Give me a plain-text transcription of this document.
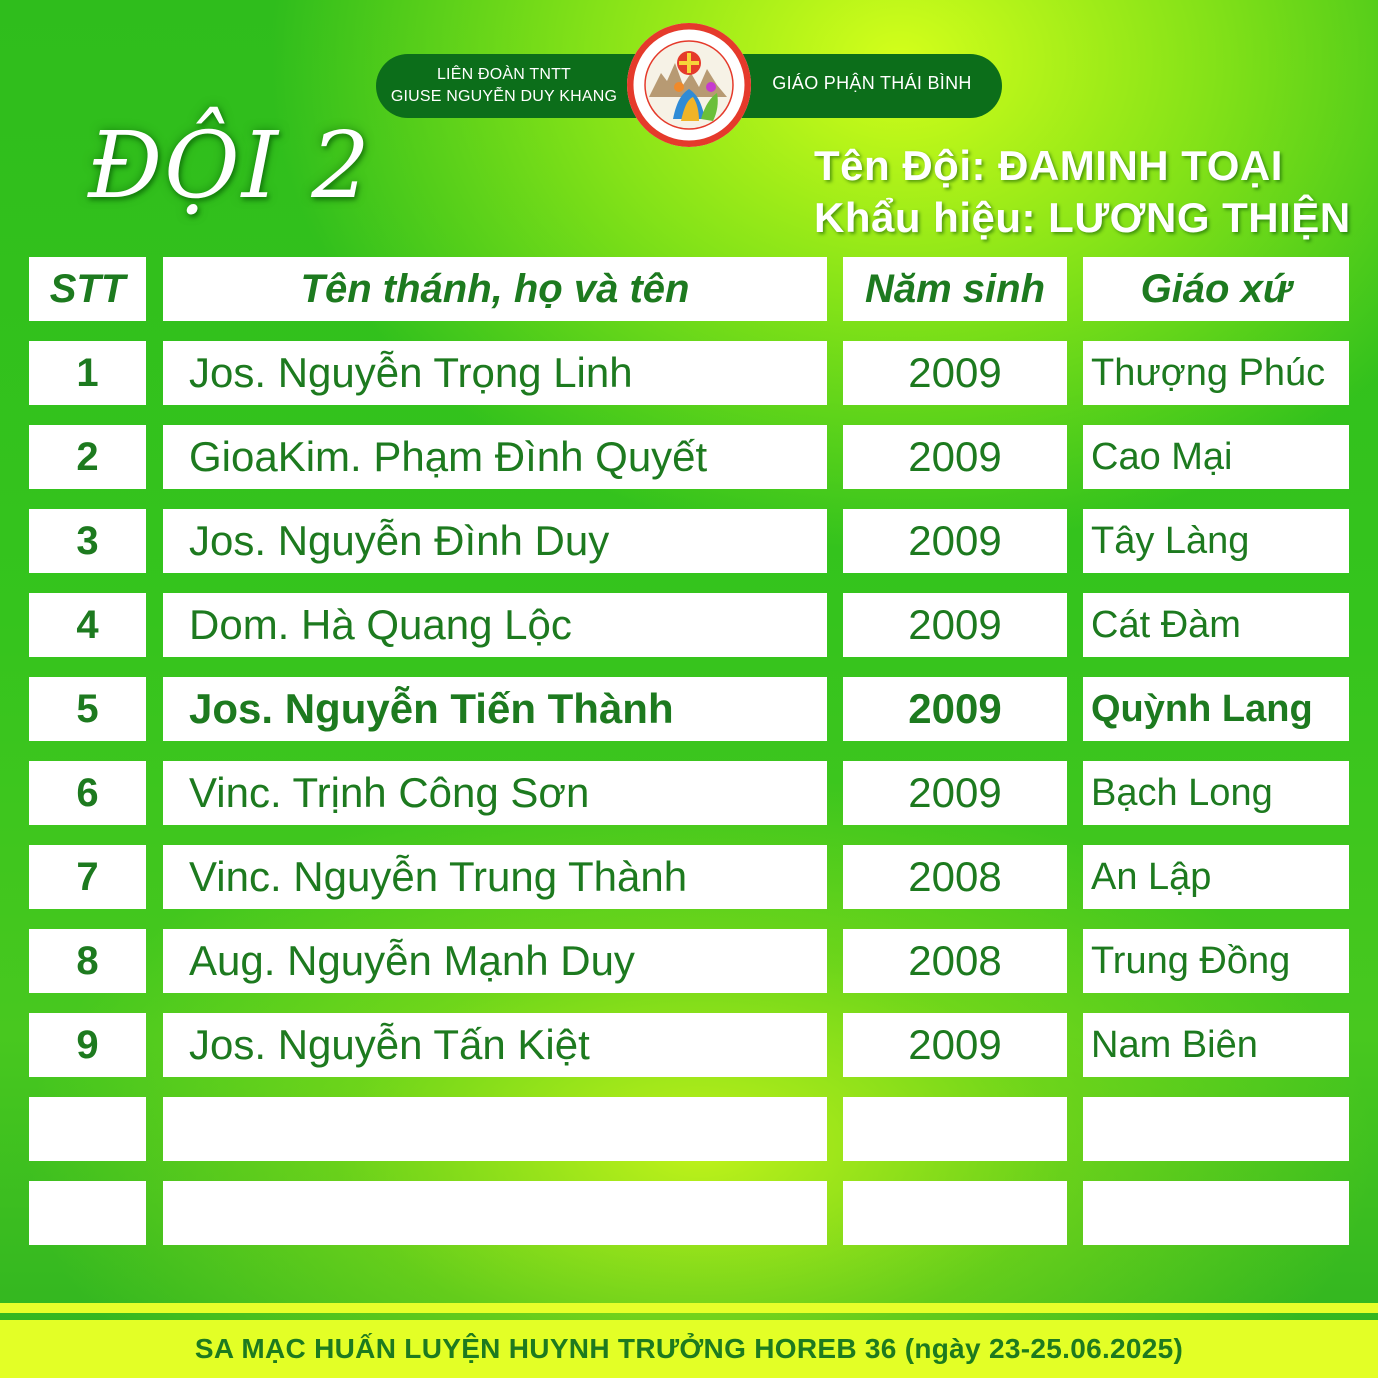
LIÊN ĐOÀN TNTT
GIUSE NGUYỄN DUY KHANG
GIÁO PHẬN THÁI BÌNH
ĐỘI 2	Tên Đội: ĐAMINH TOẠI
Khẩu hiệu: LƯƠNG THIỆN
STT	Tên thánh, họ và tên	Năm sinh	Giáo xứ
1	Jos. Nguyễn Trọng Linh	2009	Thượng Phúc
2	GioaKim. Phạm Đình Quyết	2009	Cao Mại
3	Jos. Nguyễn Đình Duy	2009	Tây Làng
4	Dom. Hà Quang Lộc	2009	Cát Đàm
5	Jos. Nguyễn Tiến Thành	2009	Quỳnh Lang
6	Vinc. Trịnh Công Sơn	2009	Bạch Long
7	Vinc. Nguyễn Trung Thành	2008	An Lập
8	Aug. Nguyễn Mạnh Duy	2008	Trung Đồng
9	Jos. Nguyễn Tấn Kiệt	2009	Nam Biên
SA MẠC HUẤN LUYỆN HUYNH TRƯỞNG HOREB 36 (ngày 23-25.06.2025)
